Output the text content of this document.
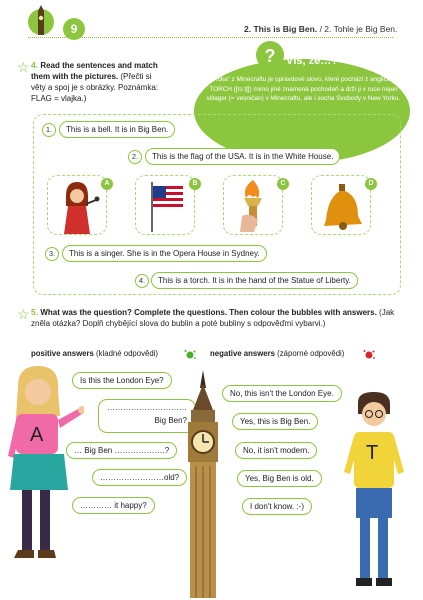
9	2. This is Big Ben. / 2. Tohle je Big Ben.
☆ 4. Read the sentences and match them with the pictures. (Přečti si věty a spoj je s obrázky. Poznámka: FLAG = vlajka.)
? Víš, že…?
„Torčka“ z Minecraftu je opravdové slovo, které pochází z angličtiny? TORCH ([tɔːtʃ]) mimo jiné znamená pochodeň a drží ji v ruce nejen villager (= vesničan) v Minecraftu, ale i socha Svobody v New Yorku.
1.	This is a bell. It is in Big Ben.
2.	This is the flag of the USA. It is in the White House.
A	B	C	D
3.	This is a singer. She is in the Opera House in Sydney.
4.	This is a torch. It is in the hand of the Statue of Liberty.
☆ 5. What was the question? Complete the questions. Then colour the bubbles with answers. (Jak zněla otázka? Doplň chybějící slova do bublin a poté bubliny s odpověďmi vybarvi.)
positive answers (kladné odpovědi)	negative answers (záporné odpovědi)
A
Is this the London Eye?
…………………………
Big Ben?
… Big Ben ……………….?
……………………old?
………… it happy?
No, this isn't the London Eye.
Yes, this is Big Ben.
No, it isn't modern.
Yes, Big Ben is old.
I don't know. :-)
T
